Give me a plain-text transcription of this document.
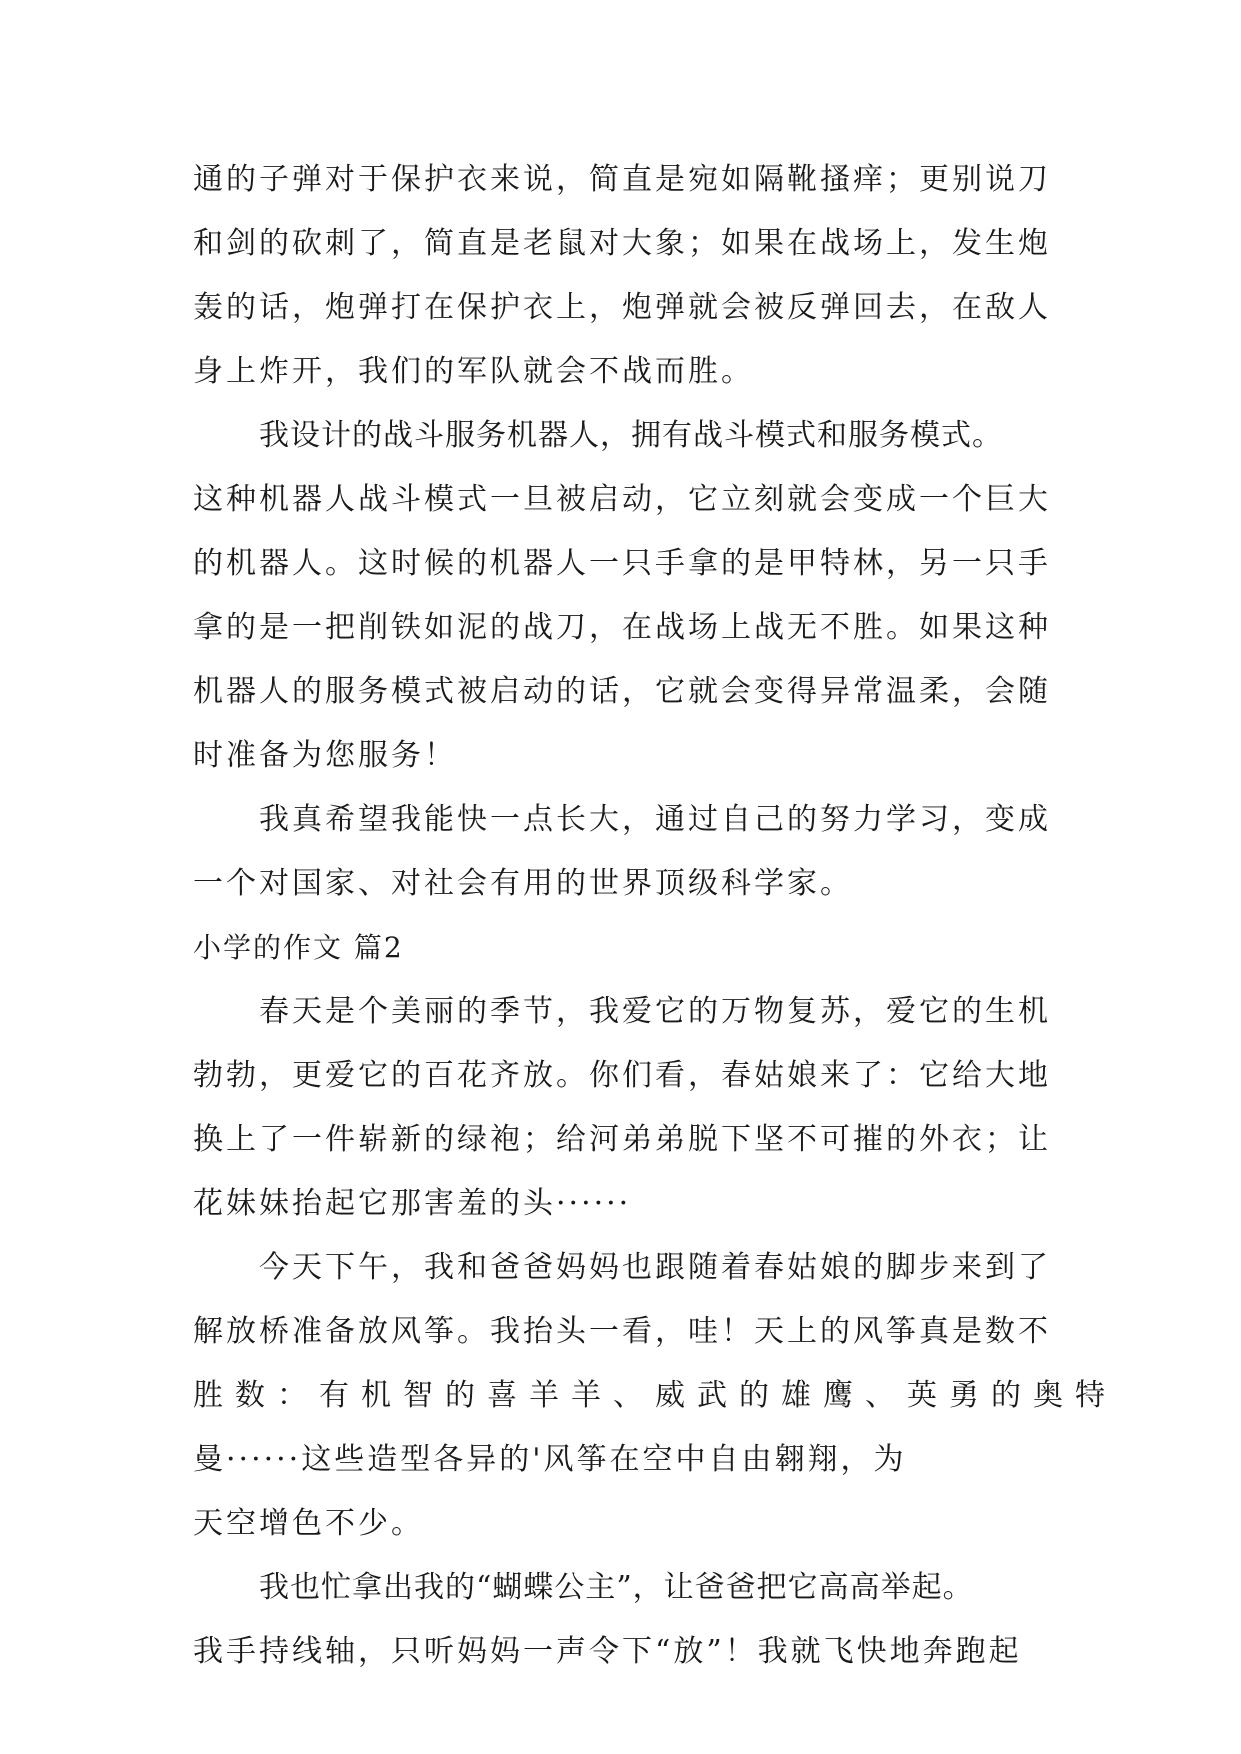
通的子弹对于保护衣来说，简直是宛如隔靴搔痒；更别说刀
和剑的砍刺了，简直是老鼠对大象；如果在战场上，发生炮
轰的话，炮弹打在保护衣上，炮弹就会被反弹回去，在敌人
身上炸开，我们的军队就会不战而胜。
我设计的战斗服务机器人，拥有战斗模式和服务模式。
这种机器人战斗模式一旦被启动，它立刻就会变成一个巨大
的机器人。这时候的机器人一只手拿的是甲特林，另一只手
拿的是一把削铁如泥的战刀，在战场上战无不胜。如果这种
机器人的服务模式被启动的话，它就会变得异常温柔，会随
时准备为您服务！
我真希望我能快一点长大，通过自己的努力学习，变成
一个对国家、对社会有用的世界顶级科学家。
小学的作文 篇2
春天是个美丽的季节，我爱它的万物复苏，爱它的生机
勃勃，更爱它的百花齐放。你们看，春姑娘来了：它给大地
换上了一件崭新的绿袍；给河弟弟脱下坚不可摧的外衣；让
花妹妹抬起它那害羞的头······
今天下午，我和爸爸妈妈也跟随着春姑娘的脚步来到了
解放桥准备放风筝。我抬头一看，哇！天上的风筝真是数不
胜数：有机智的喜羊羊、威武的雄鹰、英勇的奥特
曼······这些造型各异的'风筝在空中自由翱翔，为
天空增色不少。
我也忙拿出我的“蝴蝶公主”，让爸爸把它高高举起。
我手持线轴，只听妈妈一声令下“放”！我就飞快地奔跑起
